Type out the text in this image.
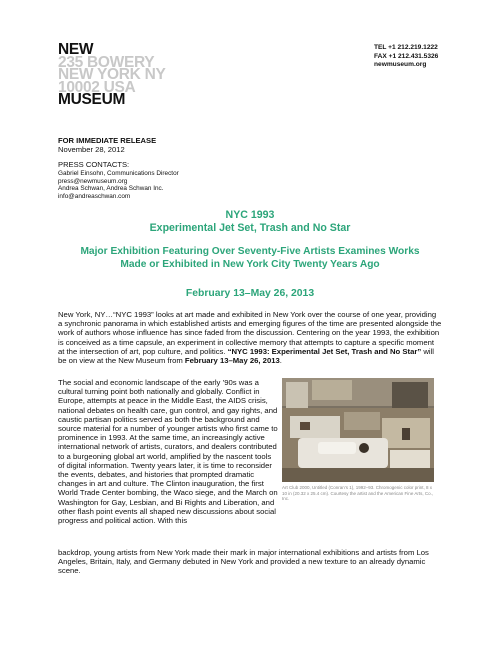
NEW
235 BOWERY
NEW YORK NY
10002 USA
MUSEUM
TEL +1 212.219.1222
FAX +1 212.431.5326
newmuseum.org
FOR IMMEDIATE RELEASE
November 28, 2012
PRESS CONTACTS:
Gabriel Einsohn, Communications Director
press@newmuseum.org
Andrea Schwan, Andrea Schwan Inc.
info@andreaschwan.com
NYC 1993
Experimental Jet Set, Trash and No Star
Major Exhibition Featuring Over Seventy-Five Artists Examines Works
Made or Exhibited in New York City Twenty Years Ago
February 13–May 26, 2013
New York, NY…“NYC 1993” looks at art made and exhibited in New York over the course of one year, providing a synchronic panorama in which established artists and emerging figures of the time are presented alongside the work of authors whose influence has since faded from the discussion. Centering on the year 1993, the exhibition is conceived as a time capsule, an experiment in collective memory that attempts to capture a specific moment at the intersection of art, pop culture, and politics. “NYC 1993: Experimental Jet Set, Trash and No Star” will be on view at the New Museum from February 13–May 26, 2013.
The social and economic landscape of the early ’90s was a cultural turning point both nationally and globally. Conflict in Europe, attempts at peace in the Middle East, the AIDS crisis, national debates on health care, gun control, and gay rights, and caustic partisan politics served as both the background and source material for a number of younger artists who first came to prominence in 1993. At the same time, an increasingly active international network of artists, curators, and dealers contributed to a burgeoning global art world, amplified by the nascent tools of digital information. Twenty years later, it is time to reconsider the events, debates, and histories that prompted dramatic changes in art and culture. The Clinton inauguration, the first World Trade Center bombing, the Waco siege, and the March on Washington for Gay, Lesbian, and Bi Rights and Liberation, and other flash point events all shaped new discussions about social progress and political action. With this
Art Club 2000, Untitled (Conran’s 1), 1992–93. Chromogenic color print, 8 x 10 in (20.32 x 25.4 cm). Courtesy the artist and the American Fine Arts, Co., Inc.
backdrop, young artists from New York made their mark in major international exhibitions and artists from Los Angeles, Britain, Italy, and Germany debuted in New York and provided a new texture to an already dynamic scene.
